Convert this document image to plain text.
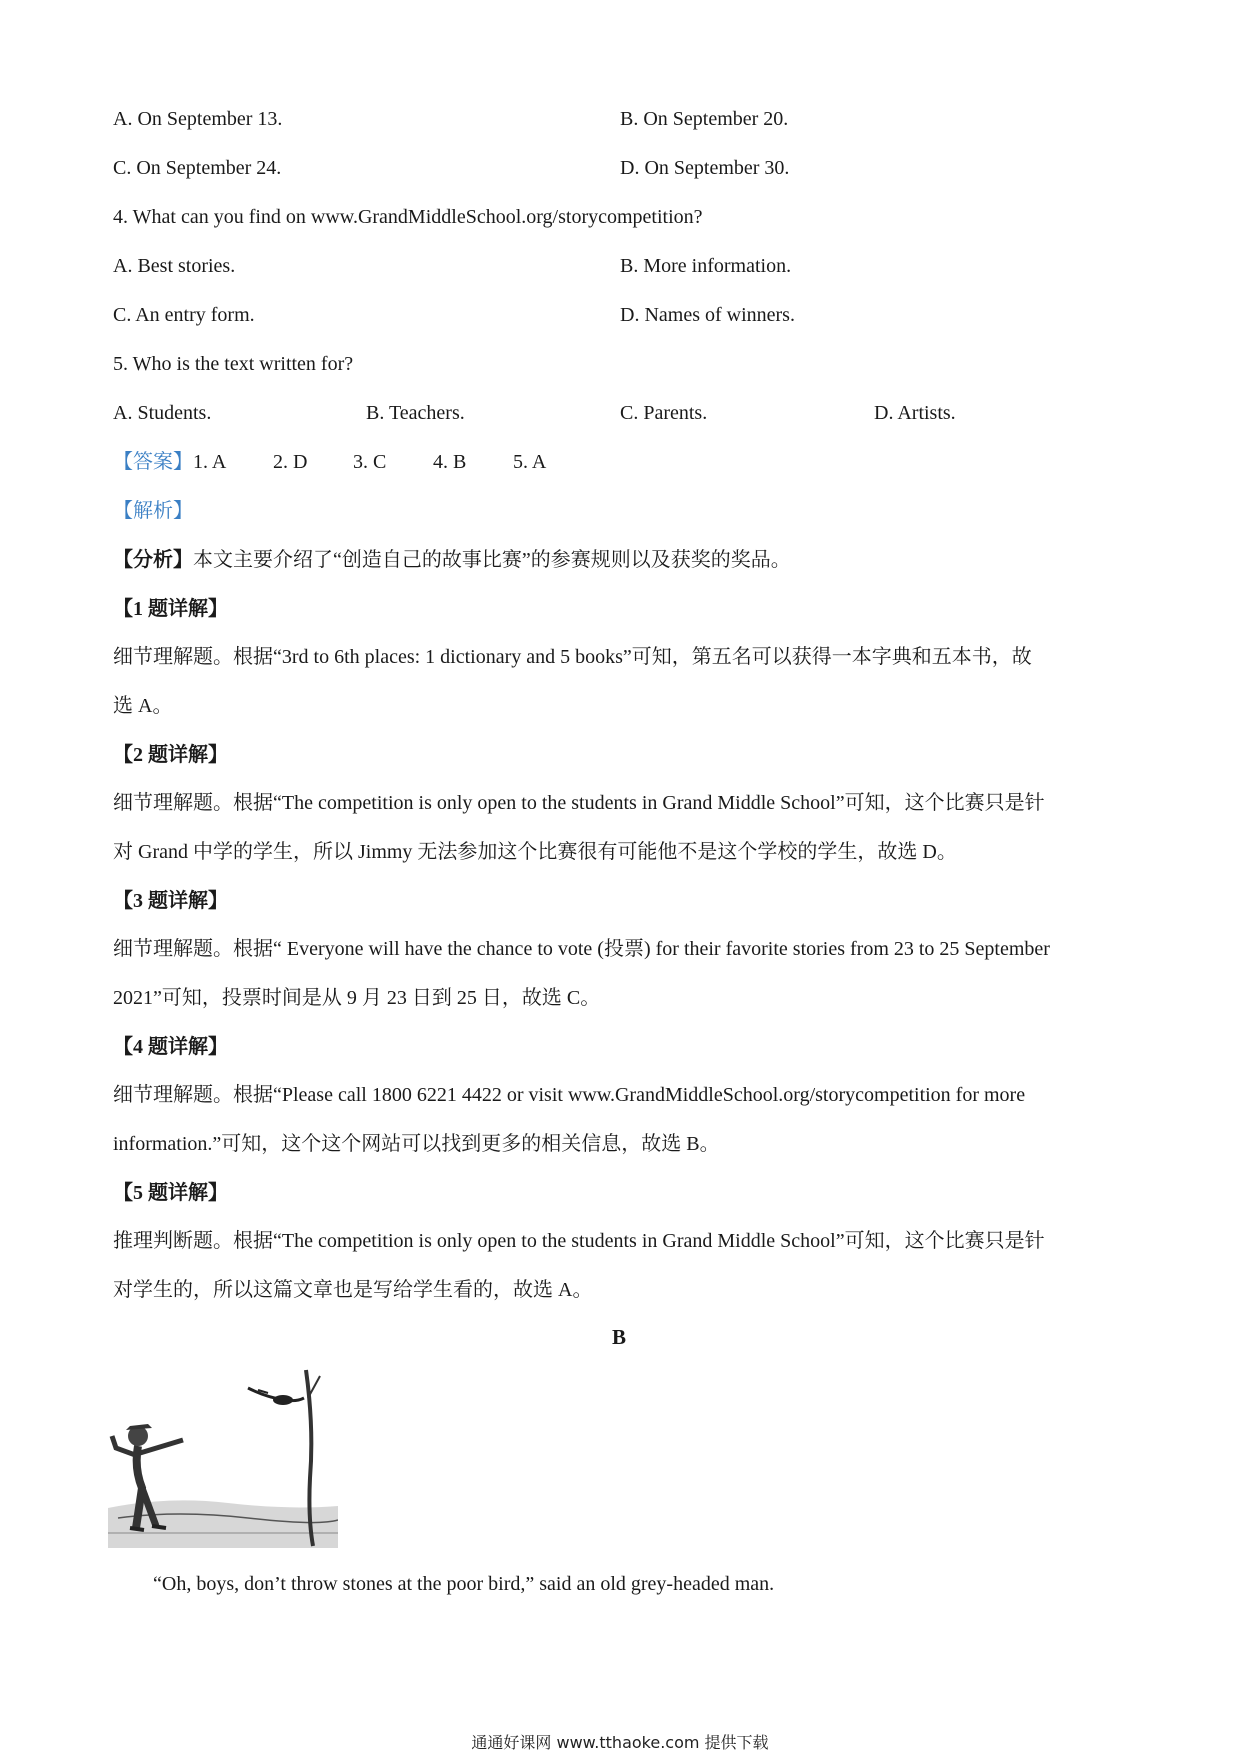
A. On September 13.	B. On September 20.
C. On September 24.	D. On September 30.
4. What can you find on www.GrandMiddleSchool.org/storycompetition?
A. Best stories.	B. More information.
C. An entry form.	D. Names of winners.
5. Who is the text written for?
A. Students.	B. Teachers.	C. Parents.	D. Artists.
【答案】1. A 2. D 3. C 4. B 5. A
【解析】
【分析】本文主要介绍了“创造自己的故事比赛”的参赛规则以及获奖的奖品。
【1 题详解】
细节理解题。根据“3rd to 6th places: 1 dictionary and 5 books”可知，第五名可以获得一本字典和五本书，故
选 A。
【2 题详解】
细节理解题。根据“The competition is only open to the students in Grand Middle School”可知，这个比赛只是针
对 Grand 中学的学生，所以 Jimmy 无法参加这个比赛很有可能他不是这个学校的学生，故选 D。
【3 题详解】
细节理解题。根据“ Everyone will have the chance to vote (投票) for their favorite stories from 23 to 25 September
2021”可知，投票时间是从 9 月 23 日到 25 日，故选 C。
【4 题详解】
细节理解题。根据“Please call 1800 6221 4422 or visit www.GrandMiddleSchool.org/storycompetition for more
information.”可知，这个这个网站可以找到更多的相关信息，故选 B。
【5 题详解】
推理判断题。根据“The competition is only open to the students in Grand Middle School”可知，这个比赛只是针
对学生的，所以这篇文章也是写给学生看的，故选 A。
B
“Oh, boys, don’t throw stones at the poor bird,” said an old grey-headed man.
通通好课网 www.tthaoke.com 提供下载
